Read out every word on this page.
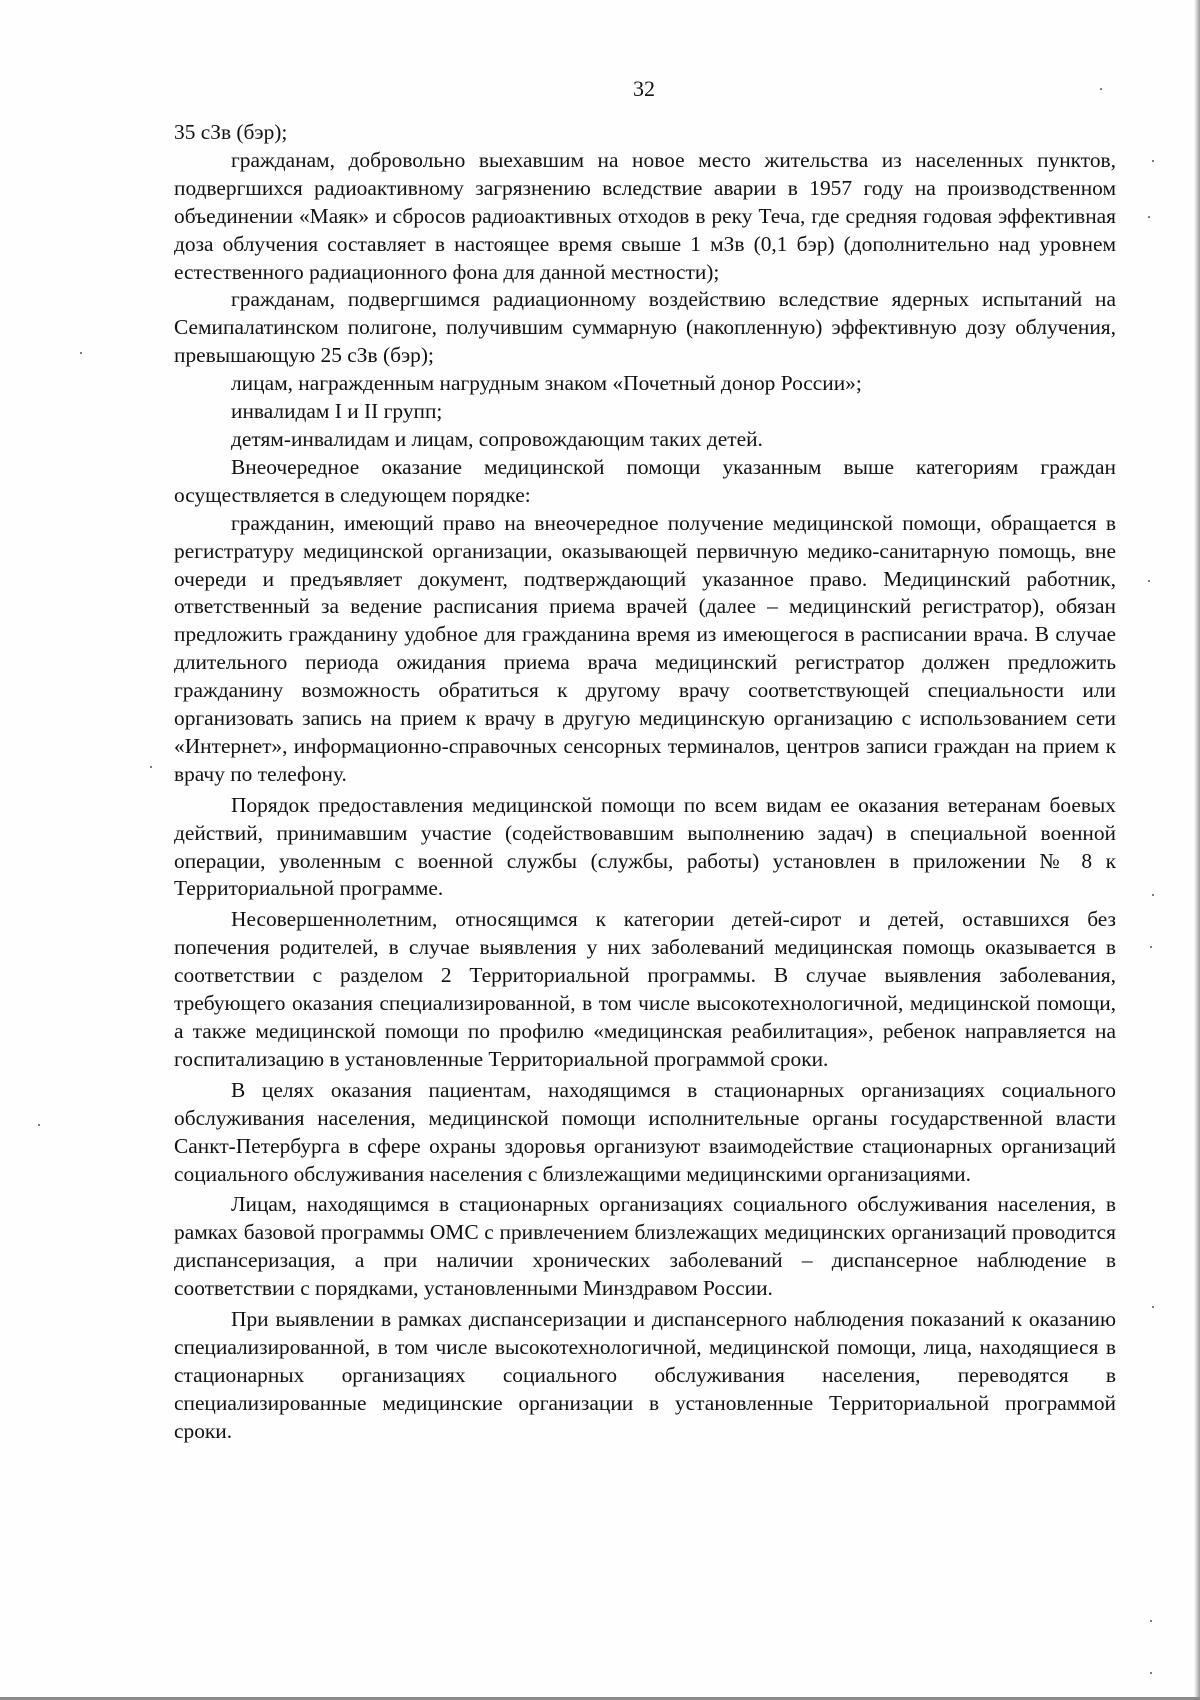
32

35 сЗв (бэр);

гражданам, добровольно выехавшим на новое место жительства из населенных пунктов, подвергшихся радиоактивному загрязнению вследствие аварии в 1957 году на производственном объединении «Маяк» и сбросов радиоактивных отходов в реку Теча, где средняя годовая эффективная доза облучения составляет в настоящее время свыше 1 мЗв (0,1 бэр) (дополнительно над уровнем естественного радиационного фона для данной местности);

гражданам, подвергшимся радиационному воздействию вследствие ядерных испытаний на Семипалатинском полигоне, получившим суммарную (накопленную) эффективную дозу облучения, превышающую 25 сЗв (бэр);

лицам, награжденным нагрудным знаком «Почетный донор России»;

инвалидам I и II групп;

детям-инвалидам и лицам, сопровождающим таких детей.

Внеочередное оказание медицинской помощи указанным выше категориям граждан осуществляется в следующем порядке:

гражданин, имеющий право на внеочередное получение медицинской помощи, обращается в регистратуру медицинской организации, оказывающей первичную медико-санитарную помощь, вне очереди и предъявляет документ, подтверждающий указанное право. Медицинский работник, ответственный за ведение расписания приема врачей (далее – медицинский регистратор), обязан предложить гражданину удобное для гражданина время из имеющегося в расписании врача. В случае длительного периода ожидания приема врача медицинский регистратор должен предложить гражданину возможность обратиться к другому врачу соответствующей специальности или организовать запись на прием к врачу в другую медицинскую организацию с использованием сети «Интернет», информационно-справочных сенсорных терминалов, центров записи граждан на прием к врачу по телефону.

Порядок предоставления медицинской помощи по всем видам ее оказания ветеранам боевых действий, принимавшим участие (содействовавшим выполнению задач) в специальной военной операции, уволенным с военной службы (службы, работы) установлен в приложении № 8 к Территориальной программе.

Несовершеннолетним, относящимся к категории детей-сирот и детей, оставшихся без попечения родителей, в случае выявления у них заболеваний медицинская помощь оказывается в соответствии с разделом 2 Территориальной программы. В случае выявления заболевания, требующего оказания специализированной, в том числе высокотехнологичной, медицинской помощи, а также медицинской помощи по профилю «медицинская реабилитация», ребенок направляется на госпитализацию в установленные Территориальной программой сроки.

В целях оказания пациентам, находящимся в стационарных организациях социального обслуживания населения, медицинской помощи исполнительные органы государственной власти Санкт-Петербурга в сфере охраны здоровья организуют взаимодействие стационарных организаций социального обслуживания населения с близлежащими медицинскими организациями.

Лицам, находящимся в стационарных организациях социального обслуживания населения, в рамках базовой программы ОМС с привлечением близлежащих медицинских организаций проводится диспансеризация, а при наличии хронических заболеваний – диспансерное наблюдение в соответствии с порядками, установленными Минздравом России.

При выявлении в рамках диспансеризации и диспансерного наблюдения показаний к оказанию специализированной, в том числе высокотехнологичной, медицинской помощи, лица, находящиеся в стационарных организациях социального обслуживания населения, переводятся в специализированные медицинские организации в установленные Территориальной программой сроки.
